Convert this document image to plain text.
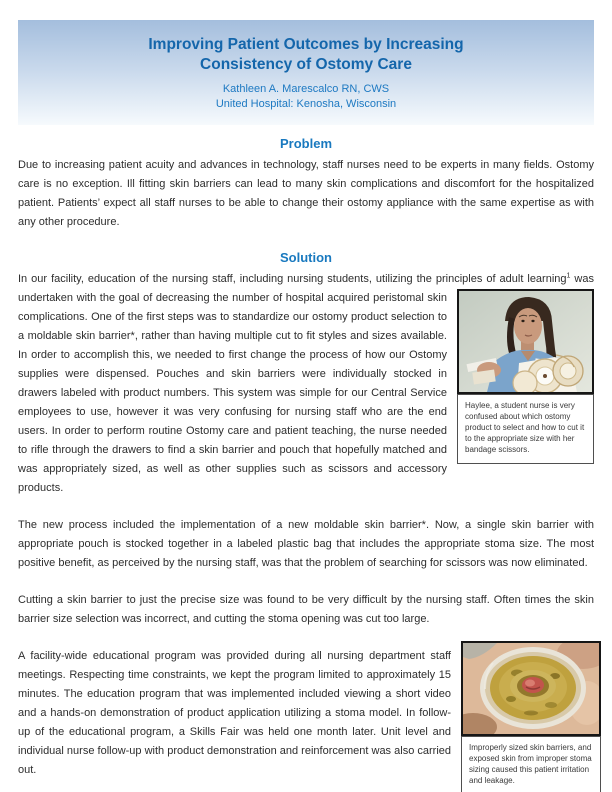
Improving Patient Outcomes by Increasing
Consistency of Ostomy Care
Kathleen A. Marescalco RN, CWS
United Hospital: Kenosha, Wisconsin
Problem

Due to increasing patient acuity and advances in technology, staff nurses need to be experts in many fields. Ostomy care is no exception. Ill fitting skin barriers can lead to many skin complications and discomfort for the hospitalized patient. Patients’ expect all staff nurses to be able to change their ostomy appliance with the same expertise as with any other procedure.

Solution

In our facility, education of the nursing staff, including nursing students, utilizing the principles of adult
Haylee, a student nurse is very confused about which ostomy product to select and how to cut it to the appropriate size with her bandage scissors.
learning$^1$ was undertaken with the goal of decreasing the number of hospital acquired peristomal skin complications. One of the first steps was to standardize our ostomy product selection to a moldable skin barrier*, rather than having multiple cut to fit styles and sizes available. In order to accomplish this, we needed to first change the process of how our Ostomy supplies were dispensed. Pouches and skin barriers were individually stocked in drawers labeled with product numbers. This system was simple for our Central Service employees to use, however it was very confusing for nursing staff who are the end users. In order to perform routine Ostomy care and patient teaching, the nurse needed to rifle through the drawers to find a skin barrier and pouch that hopefully matched and was appropriately sized, as well as other supplies such as scissors and accessory products.

The new process included the implementation of a new moldable skin barrier*. Now, a single skin barrier with appropriate pouch is stocked together in a labeled plastic bag that includes the appropriate stoma size. The most positive benefit, as perceived by the nursing staff, was that the problem of searching for scissors was now eliminated.

Cutting a skin barrier to just the precise size was found to be very difficult by the nursing staff. Often times the skin barrier size selection was incorrect, and cutting the stoma opening was cut too large.

Improperly sized skin barriers, and exposed skin from improper stoma sizing caused this patient irritation and leakage.
A facility-wide educational program was provided during all nursing department staff meetings. Respecting time constraints, we kept the program limited to approximately 15 minutes. The education program that was implemented included viewing a short video and a hands-on demonstration of product application utilizing a stoma model. In follow-up of the educational program, a Skills Fair was held one month later. Unit level and individual nurse follow-up with product demonstration and reinforcement was also carried out.
